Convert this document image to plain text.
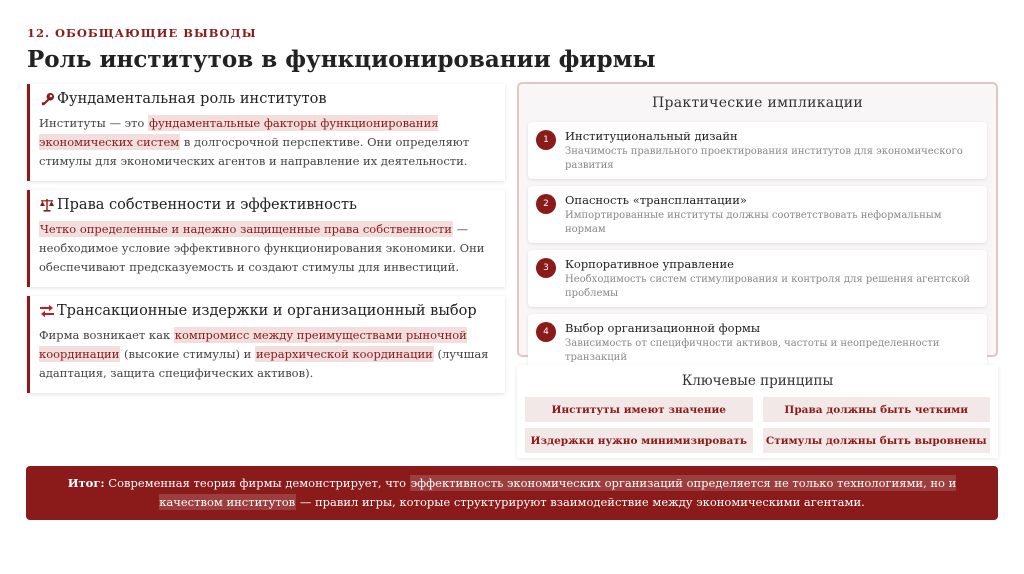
12. ОБОБЩАЮЩИЕ ВЫВОДЫ
Роль институтов в функционировании фирмы
Фундаментальная роль институтов
Институты — это фундаментальные факторы функционирования экономических систем в долгосрочной перспективе. Они определяют стимулы для экономических агентов и направление их деятельности.
Права собственности и эффективность
Четко определенные и надежно защищенные права собственности — необходимое условие эффективного функционирования экономики. Они обеспечивают предсказуемость и создают стимулы для инвестиций.
Трансакционные издержки и организационный выбор
Фирма возникает как компромисс между преимуществами рыночной координации (высокие стимулы) и иерархической координации (лучшая адаптация, защита специфических активов).
Практические импликации
1	Институциональный дизайн
Значимость правильного проектирования институтов для экономического развития
2	Опасность «трансплантации»
Импортированные институты должны соответствовать неформальным нормам
3	Корпоративное управление
Необходимость систем стимулирования и контроля для решения агентской проблемы
4	Выбор организационной формы
Зависимость от специфичности активов, частоты и неопределенности транзакций
Ключевые принципы
Институты имеют значение	Права должны быть четкими
Издержки нужно минимизировать	Стимулы должны быть выровнены
Итог: Современная теория фирмы демонстрирует, что эффективность экономических организаций определяется не только технологиями, но и качеством институтов — правил игры, которые структурируют взаимодействие между экономическими агентами.
